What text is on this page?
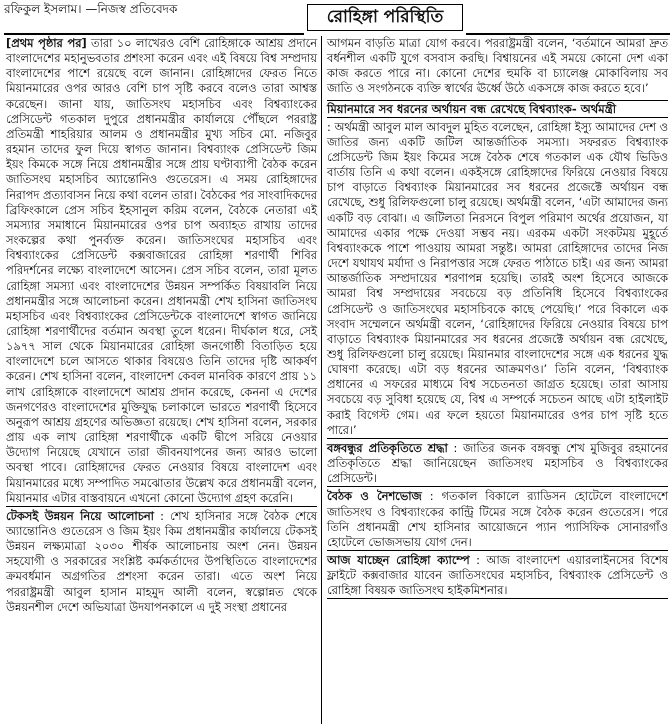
রফিকুল ইসলাম। —নিজস্ব প্রতিবেদক	রোহিঙ্গা পরিস্থিতি

[প্রথম পৃষ্ঠার পর] তারা ১০ লাখেরও বেশি রোহিঙ্গাকে আশ্রয় প্রদানে বাংলাদেশের মহানুভবতার প্রশংসা করেন এবং এই বিষয়ে বিশ্ব সম্প্রদায় বাংলাদেশের পাশে রয়েছে বলে জানান। রোহিঙ্গাদের ফেরত নিতে মিয়ানমারের ওপর আরও বেশি চাপ সৃষ্টি করবে বলেও তারা আশ্বস্ত করেছেন। জানা যায়, জাতিসংঘ মহাসচিব এবং বিশ্বব্যাংকের প্রেসিডেন্ট গতকাল দুপুরে প্রধানমন্ত্রীর কার্যালয়ে পৌঁছলে পররাষ্ট্র প্রতিমন্ত্রী শাহরিয়ার আলম ও প্রধানমন্ত্রীর মুখ্য সচিব মো. নজিবুর রহমান তাদের ফুল দিয়ে স্বাগত জানান। বিশ্বব্যাংক প্রেসিডেন্ট জিম ইয়ং কিমকে সঙ্গে নিয়ে প্রধানমন্ত্রীর সঙ্গে প্রায় ঘণ্টাব্যাপী বৈঠক করেন জাতিসংঘ মহাসচিব অ্যান্তোনিও গুতেরেস। এ সময় রোহিঙ্গাদের নিরাপদ প্রত্যাবাসন নিয়ে কথা বলেন তারা। বৈঠকের পর সাংবাদিকদের ব্রিফিংকালে প্রেস সচিব ইহসানুল করিম বলেন, বৈঠকে নেতারা এই সমস্যার সমাধানে মিয়ানমারের ওপর চাপ অব্যাহত রাখায় তাদের সংকল্পের কথা পুনর্ব্যক্ত করেন। জাতিসংঘের মহাসচিব এবং বিশ্বব্যাংকের প্রেসিডেন্ট কক্সবাজারের রোহিঙ্গা শরণার্থী শিবির পরিদর্শনের লক্ষ্যে বাংলাদেশে আসেন। প্রেস সচিব বলেন, তারা মূলত রোহিঙ্গা সমস্যা এবং বাংলাদেশের উন্নয়ন সম্পর্কিত বিষয়াবলি নিয়ে প্রধানমন্ত্রীর সঙ্গে আলোচনা করেন। প্রধানমন্ত্রী শেখ হাসিনা জাতিসংঘ মহাসচিব এবং বিশ্বব্যাংকের প্রেসিডেন্টকে বাংলাদেশে স্বাগত জানিয়ে রোহিঙ্গা শরণার্থীদের বর্তমান অবস্থা তুলে ধরেন। দীর্ঘকাল ধরে, সেই ১৯৭৭ সাল থেকে মিয়ানমারের রোহিঙ্গা জনগোষ্ঠী বিতাড়িত হয়ে বাংলাদেশে চলে আসতে থাকার বিষয়েও তিনি তাদের দৃষ্টি আকর্ষণ করেন। শেখ হাসিনা বলেন, বাংলাদেশ কেবল মানবিক কারণে প্রায় ১১ লাখ রোহিঙ্গাকে বাংলাদেশে আশ্রয় প্রদান করেছে, কেননা এ দেশের জনগণেরও বাংলাদেশের মুক্তিযুদ্ধ চলাকালে ভারতে শরণার্থী হিসেবে অনুরূপ আশ্রয় গ্রহণের অভিজ্ঞতা রয়েছে। শেখ হাসিনা বলেন, সরকার প্রায় এক লাখ রোহিঙ্গা শরণার্থীকে একটি দ্বীপে সরিয়ে নেওয়ার উদ্যোগ নিয়েছে যেখানে তারা জীবনযাপনের জন্য আরও ভালো অবস্থা পাবে। রোহিঙ্গাদের ফেরত নেওয়ার বিষয়ে বাংলাদেশ এবং মিয়ানমারের মধ্যে সম্পাদিত সমঝোতার উল্লেখ করে প্রধানমন্ত্রী বলেন, মিয়ানমার এটার বাস্তবায়নে এখনো কোনো উদ্যোগ গ্রহণ করেনি।

টেকসই উন্নয়ন নিয়ে আলোচনা : শেখ হাসিনার সঙ্গে বৈঠক শেষে অ্যান্তোনিও গুতেরেস ও জিম ইয়ং কিম প্রধানমন্ত্রীর কার্যালয়ে টেকসই উন্নয়ন লক্ষ্যমাত্রা ২০৩০ শীর্ষক আলোচনায় অংশ নেন। উন্নয়ন সহযোগী ও সরকারের সংশ্লিষ্ট কর্মকর্তাদের উপস্থিতিতে বাংলাদেশের ক্রমবর্ধমান অগ্রগতির প্রশংসা করেন তারা। এতে অংশ নিয়ে পররাষ্ট্রমন্ত্রী আবুল হাসান মাহমুদ আলী বলেন, স্বল্পোন্নত থেকে উন্নয়নশীল দেশে অভিযাত্রা উদযাপনকালে এ দুই সংস্থা প্রধানের

আগমন বাড়তি মাত্রা যোগ করবে। পররাষ্ট্রমন্ত্রী বলেন, ‘বর্তমানে আমরা দ্রুত বর্ধনশীল একটি যুগে বসবাস করছি। বিশ্বায়নের এই সময়ে কোনো দেশ একা কাজ করতে পারে না। কোনো দেশের হুমকি বা চ্যালেঞ্জ মোকাবিলায় সব জাতি ও সংগঠনকে ব্যক্তি স্বার্থের ঊর্ধ্বে উঠে একসঙ্গে কাজ করতে হবে।’

মিয়ানমারে সব ধরনের অর্থায়ন বন্ধ রেখেছে বিশ্বব্যাংক- অর্থমন্ত্রী

: অর্থমন্ত্রী আবুল মাল আবদুল মুহিত বলেছেন, রোহিঙ্গা ইস্যু আমাদের দেশ ও জাতির জন্য একটি জটিল আন্তর্জাতিক সমস্যা। সফররত বিশ্বব্যাংক প্রেসিডেন্ট জিম ইয়ং কিমের সঙ্গে বৈঠক শেষে গতকাল এক যৌথ ভিডিও বার্তায় তিনি এ কথা বলেন। একইসঙ্গে রোহিঙ্গাদের ফিরিয়ে নেওয়ার বিষয়ে চাপ বাড়াতে বিশ্বব্যাংক মিয়ানমারের সব ধরনের প্রজেক্টে অর্থায়ন বন্ধ রেখেছে, শুধু রিলিফগুলো চালু রয়েছে। অর্থমন্ত্রী বলেন, ‘এটা আমাদের জন্য একটি বড় বোঝা। এ জটিলতা নিরসনে বিপুল পরিমাণ অর্থের প্রয়োজন, যা আমাদের একার পক্ষে দেওয়া সম্ভব নয়। এরকম একটা সংকটময় মুহূর্তে বিশ্বব্যাংককে পাশে পাওয়ায় আমরা সন্তুষ্ট। আমরা রোহিঙ্গাদের তাদের নিজ দেশে যথাযথ মর্যাদা ও নিরাপত্তার সঙ্গে ফেরত পাঠাতে চাই। এর জন্য আমরা আন্তর্জাতিক সম্প্রদায়ের শরণাপন্ন হয়েছি। তারই অংশ হিসেবে আজকে আমরা বিশ্ব সম্প্রদায়ের সবচেয়ে বড় প্রতিনিধি হিসেবে বিশ্বব্যাংকের প্রেসিডেন্ট ও জাতিসংঘের মহাসচিবকে কাছে পেয়েছি।’ পরে বিকালে এক সংবাদ সম্মেলনে অর্থমন্ত্রী বলেন, ‘রোহিঙ্গাদের ফিরিয়ে নেওয়ার বিষয়ে চাপ বাড়াতে বিশ্বব্যাংক মিয়ানমারের সব ধরনের প্রজেক্টে অর্থায়ন বন্ধ রেখেছে, শুধু রিলিফগুলো চালু রয়েছে। মিয়ানমার বাংলাদেশের সঙ্গে এক ধরনের যুদ্ধ ঘোষণা করেছে। এটা বড় ধরনের আক্রমণও।’ তিনি বলেন, ‘বিশ্বব্যাংক প্রধানের এ সফরের মাধ্যমে বিশ্ব সচেতনতা জাগ্রত হয়েছে। তারা আসায় সবচেয়ে বড় সুবিধা হয়েছে যে, বিশ্ব এ সম্পর্কে সচেতন আছে এটা হাইলাইট করাই বিগেস্ট গেম। এর ফলে হয়তো মিয়ানমারের ওপর চাপ সৃষ্টি হতে পারে।’

বঙ্গবন্ধুর প্রতিকৃতিতে শ্রদ্ধা : জাতির জনক বঙ্গবন্ধু শেখ মুজিবুর রহমানের প্রতিকৃতিতে শ্রদ্ধা জানিয়েছেন জাতিসংঘ মহাসচিব ও বিশ্বব্যাংকের প্রেসিডেন্ট।

বৈঠক ও নৈশভোজ : গতকাল বিকালে র‌্যাডিসন হোটেলে বাংলাদেশে জাতিসংঘ ও বিশ্বব্যাংকের কান্ট্রি টিমের সঙ্গে বৈঠক করেন গুতেরেস। পরে তিনি প্রধানমন্ত্রী শেখ হাসিনার আয়োজনে প্যান প্যাসিফিক সোনারগাঁও হোটেলে ভোজসভায় যোগ দেন।

আজ যাচ্ছেন রোহিঙ্গা ক্যাম্পে : আজ বাংলাদেশ এয়ারলাইনসের বিশেষ ফ্লাইটে কক্সবাজার যাবেন জাতিসংঘের মহাসচিব, বিশ্বব্যাংক প্রেসিডেন্ট ও রোহিঙ্গা বিষয়ক জাতিসংঘ হাইকমিশনার।
